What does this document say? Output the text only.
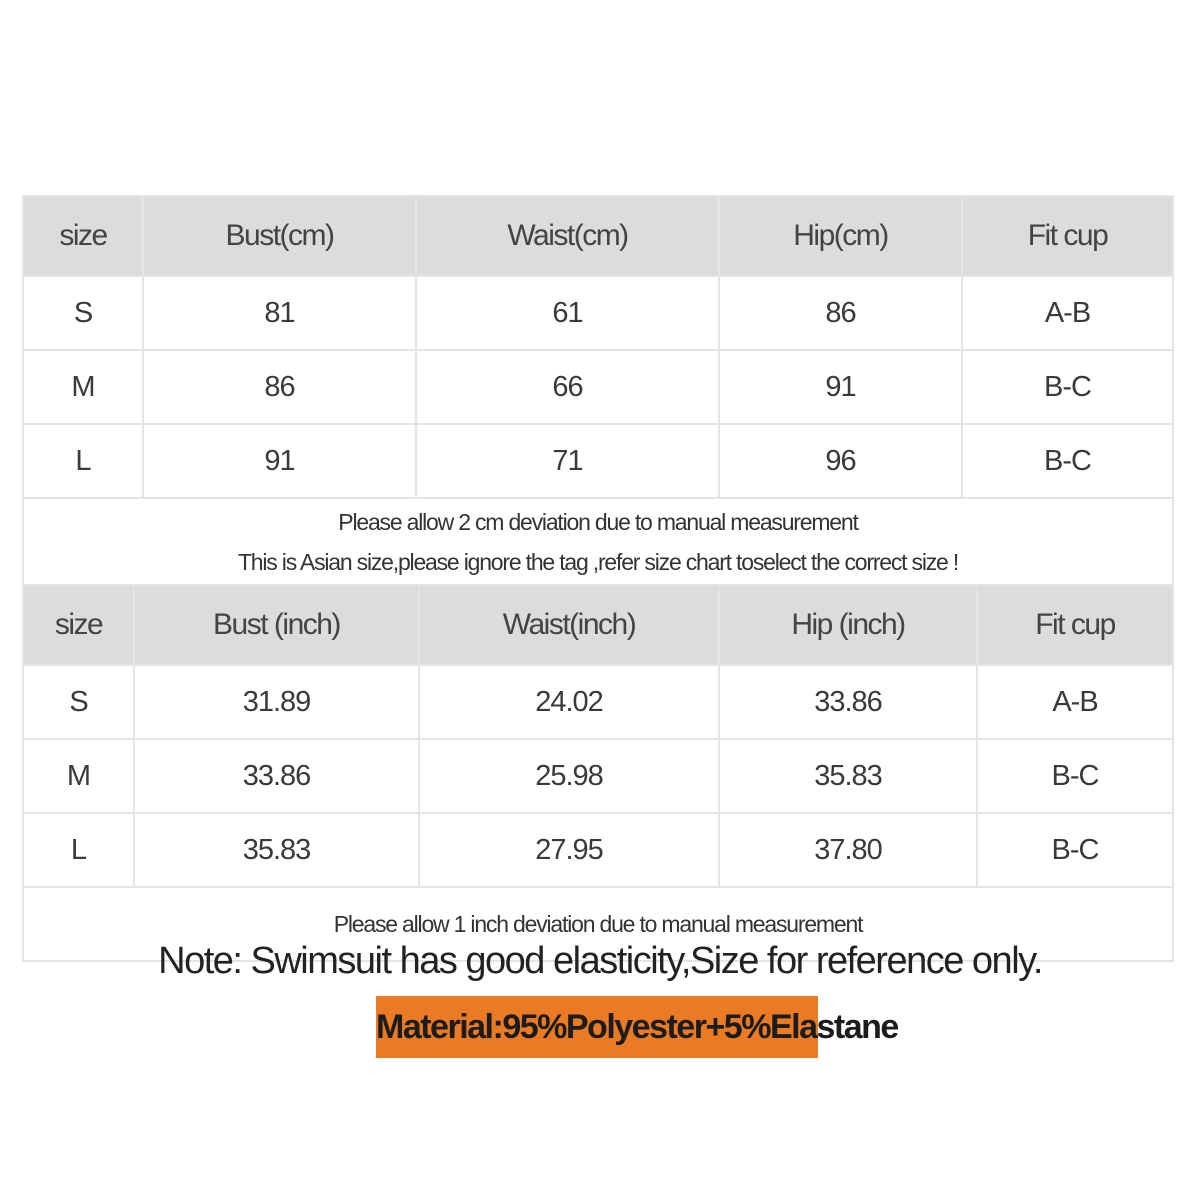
size	Bust(cm)	Waist(cm)	Hip(cm)	Fit cup
S	81	61	86	A-B
M	86	66	91	B-C
L	91	71	96	B-C

Please allow 2 cm deviation due to manual measurement
This is Asian size,please ignore the tag ,refer size chart toselect the correct size !				
size	Bust (inch)	Waist(inch)	Hip (inch)	Fit cup
S	31.89	24.02	33.86	A-B
M	33.86	25.98	35.83	B-C
L	35.83	27.95	37.80	B-C
Please allow 1 inch deviation due to manual measurement				
Note: Swimsuit has good elasticity,Size for reference only.
Material:95%Polyester+5%Elastane
